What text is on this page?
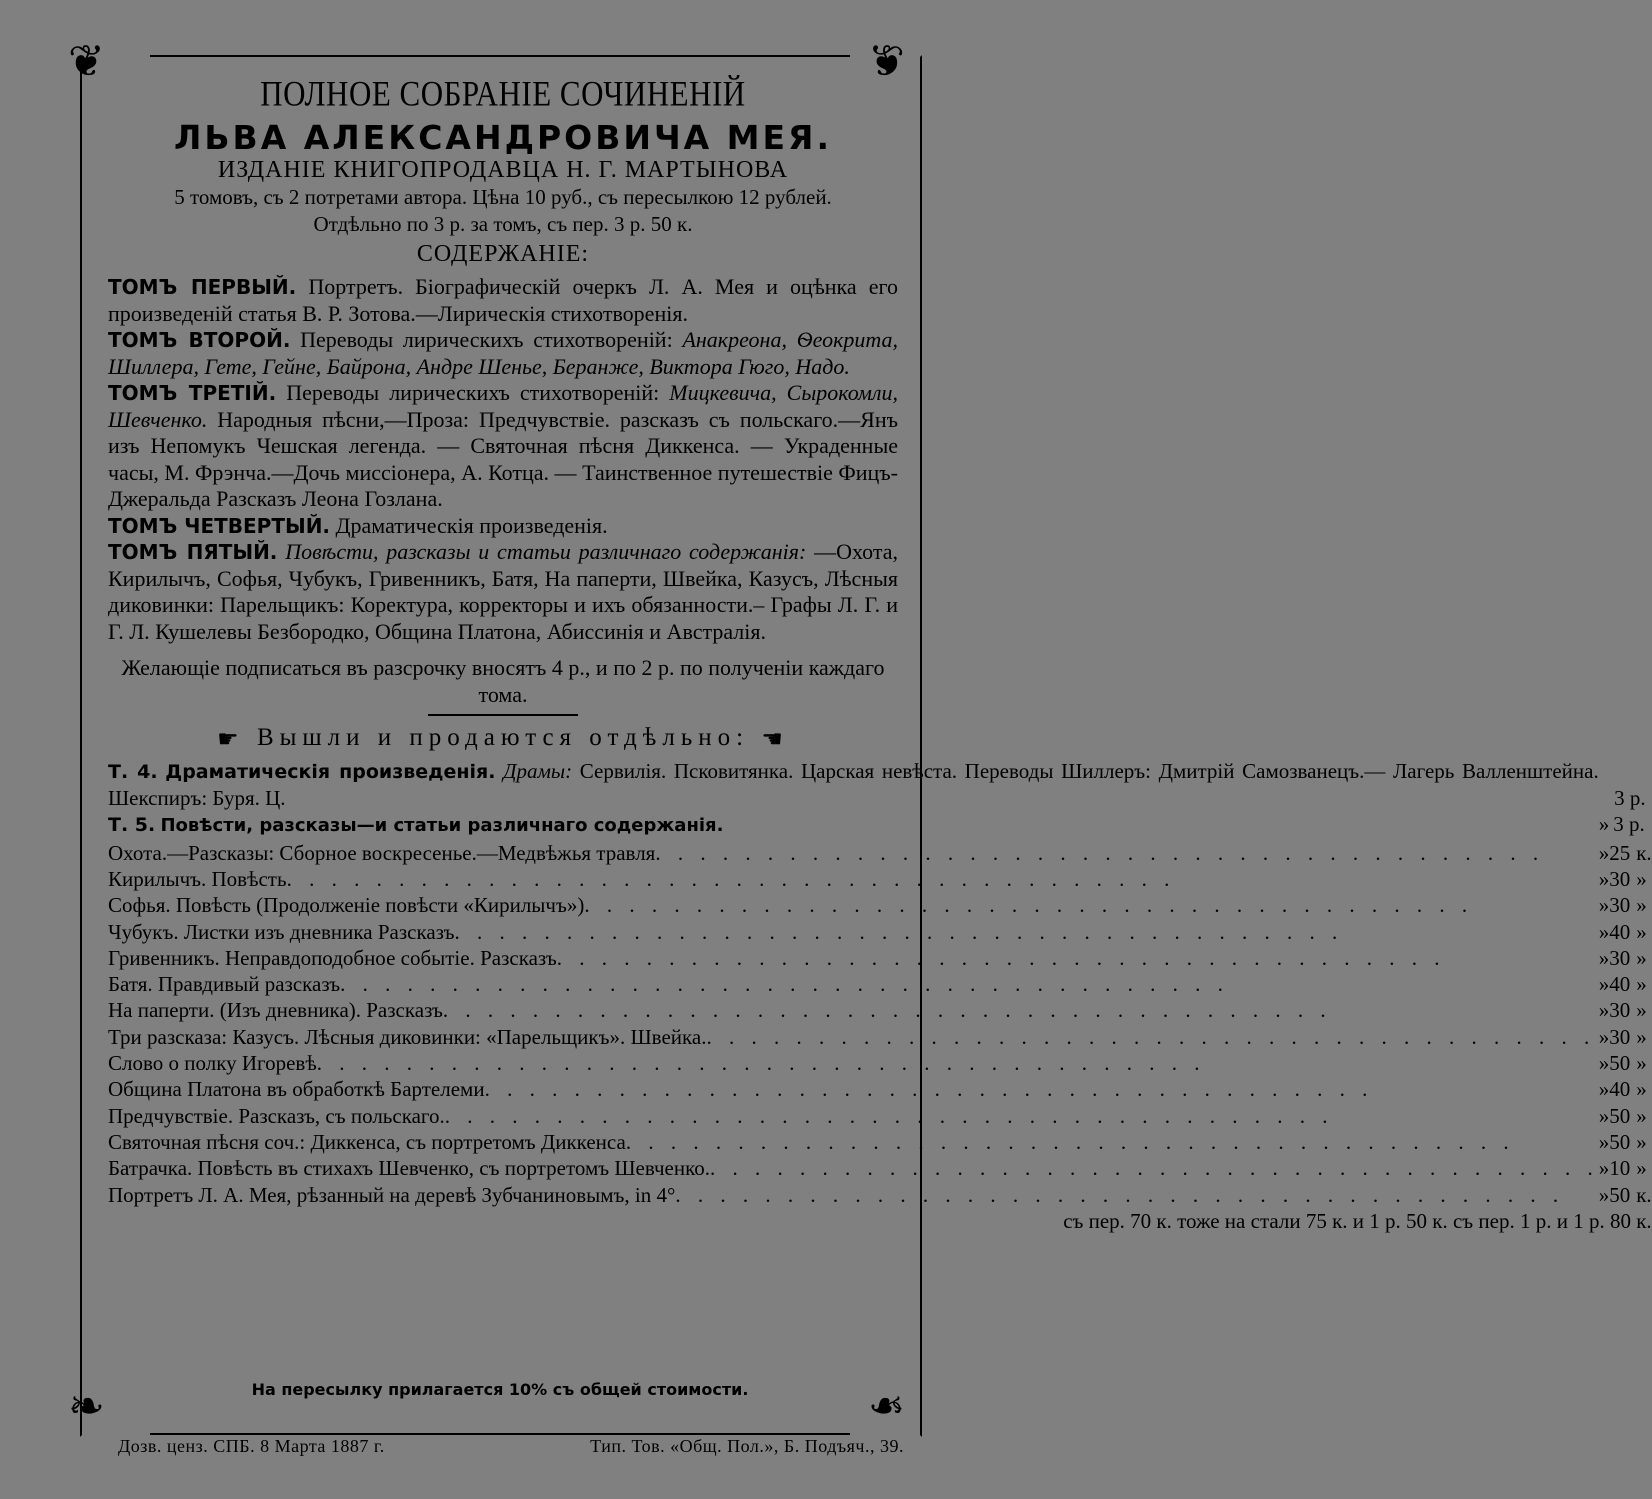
❦	❦
❧	❧
ПОЛНОЕ СОБРАНІЕ СОЧИНЕНІЙ
ЛЬВА АЛЕКСАНДРОВИЧА МЕЯ.
ИЗДАНІЕ КНИГОПРОДАВЦА Н. Г. МАРТЫНОВА
5 томовъ, съ 2 потретами автора. Цѣна 10 руб., съ пересылкою 12 рублей.
Отдѣльно по 3 р. за томъ, съ пер. 3 р. 50 к.
СОДЕРЖАНІЕ:
ТОМЪ ПЕРВЫЙ. Портретъ. Біографическій очеркъ Л. А. Мея и оцѣнка его произведеній статья В. Р. Зотова.—Лирическія стихотворенія.
ТОМЪ ВТОРОЙ. Переводы лирическихъ стихотвореній: Анакреона, Ѳеокрита, Шиллера, Гете, Гейне, Байрона, Андре Шенье, Беранже, Виктора Гюго, Надо.
ТОМЪ ТРЕТІЙ. Переводы лирическихъ стихотвореній: Мицкевича, Сырокомли, Шевченко. Народныя пѣсни,—Проза: Предчувствіе. разсказъ съ польскаго.—Янъ изъ Непомукъ Чешская легенда. — Святочная пѣсня Диккенса. — Украденные часы, М. Фрэнча.—Дочь миссіонера, А. Котца. — Таинственное путешествіе Фицъ-Джеральда Разсказъ Леона Гозлана.
ТОМЪ ЧЕТВЕРТЫЙ. Драматическія произведенія.
ТОМЪ ПЯТЫЙ. Повѣсти, разсказы и статьи различнаго содержанія: —Охота, Кирилычъ, Софья, Чубукъ, Гривенникъ, Батя, На паперти, Швейка, Казусъ, Лѣсныя диковинки: Парельщикъ: Коректура, корректоры и ихъ обязанности.– Графы Л. Г. и Г. Л. Кушелевы Безбородко, Община Платона, Абиссинія и Австралія.
Желающіе подписаться въ разсрочку вносятъ 4 р., и по 2 р. по полученіи каждаго тома.
☛ Вышли и продаются отдѣльно: ☚
Т. 4. Драматическія произведенія. Драмы: Сервилія. Псковитянка. Царская невѣста. Переводы Шиллеръ: Дмитрій Самозванецъ.— Лагерь Валленштейна. Шекспиръ: Буря. Ц.		3 р.	
Т. 5. Повѣсти, разсказы—и статьи различнаго содержанія.	»	3 р.	

Охота.—Разсказы: Сборное воскресенье.—Медвѣжья травля . . . . . . . . . . . . . . . . . . . . . . . . . . . . . . . . . . . . . . . .	»	25	к.

Кирилычъ. Повѣсть . . . . . . . . . . . . . . . . . . . . . . . . . . . . . . . . . . . . . . . .	»	30	»

Софья. Повѣсть (Продолженіе повѣсти «Кирилычъ») . . . . . . . . . . . . . . . . . . . . . . . . . . . . . . . . . . . . . . . .	»	30	»

Чубукъ. Листки изъ дневника Разсказъ . . . . . . . . . . . . . . . . . . . . . . . . . . . . . . . . . . . . . . . .	»	40	»

Гривенникъ. Неправдоподобное событіе. Разсказъ . . . . . . . . . . . . . . . . . . . . . . . . . . . . . . . . . . . . . . . .	»	30	»

Батя. Правдивый разсказъ . . . . . . . . . . . . . . . . . . . . . . . . . . . . . . . . . . . . . . . .	»	40	»

На паперти. (Изъ дневника). Разсказъ . . . . . . . . . . . . . . . . . . . . . . . . . . . . . . . . . . . . . . . .	»	30	»

Три разсказа: Казусъ. Лѣсныя диковинки: «Парельщикъ». Швейка. . . . . . . . . . . . . . . . . . . . . . . . . . . . . . . . . . . . . . . . .	»	30	»

Слово о полку Игоревѣ . . . . . . . . . . . . . . . . . . . . . . . . . . . . . . . . . . . . . . . .	»	50	»

Община Платона въ обработкѣ Бартелеми . . . . . . . . . . . . . . . . . . . . . . . . . . . . . . . . . . . . . . . .	»	40	»

Предчувствіе. Разсказъ, съ польскаго. . . . . . . . . . . . . . . . . . . . . . . . . . . . . . . . . . . . . . . . .	»	50	»

Святочная пѣсня соч.: Диккенса, съ портретомъ Диккенса . . . . . . . . . . . . . . . . . . . . . . . . . . . . . . . . . . . . . . . .	»	50	»

Батрачка. Повѣсть въ стихахъ Шевченко, съ портретомъ Шевченко. . . . . . . . . . . . . . . . . . . . . . . . . . . . . . . . . . . . . . . . .	»	10	»

Портретъ Л. А. Мея, рѣзанный на деревѣ Зубчаниновымъ, in 4° . . . . . . . . . . . . . . . . . . . . . . . . . . . . . . . . . . . . . . . .	»	50	к.
съ пер. 70 к. тоже на стали 75 к. и 1 р. 50 к. съ пер. 1 р. и 1 р. 80 к.			
На пересылку прилагается 10% съ общей стоимости.
Дозв. ценз. СПБ. 8 Марта 1887 г.	Тип. Тов. «Общ. Пол.», Б. Подъяч., 39.
